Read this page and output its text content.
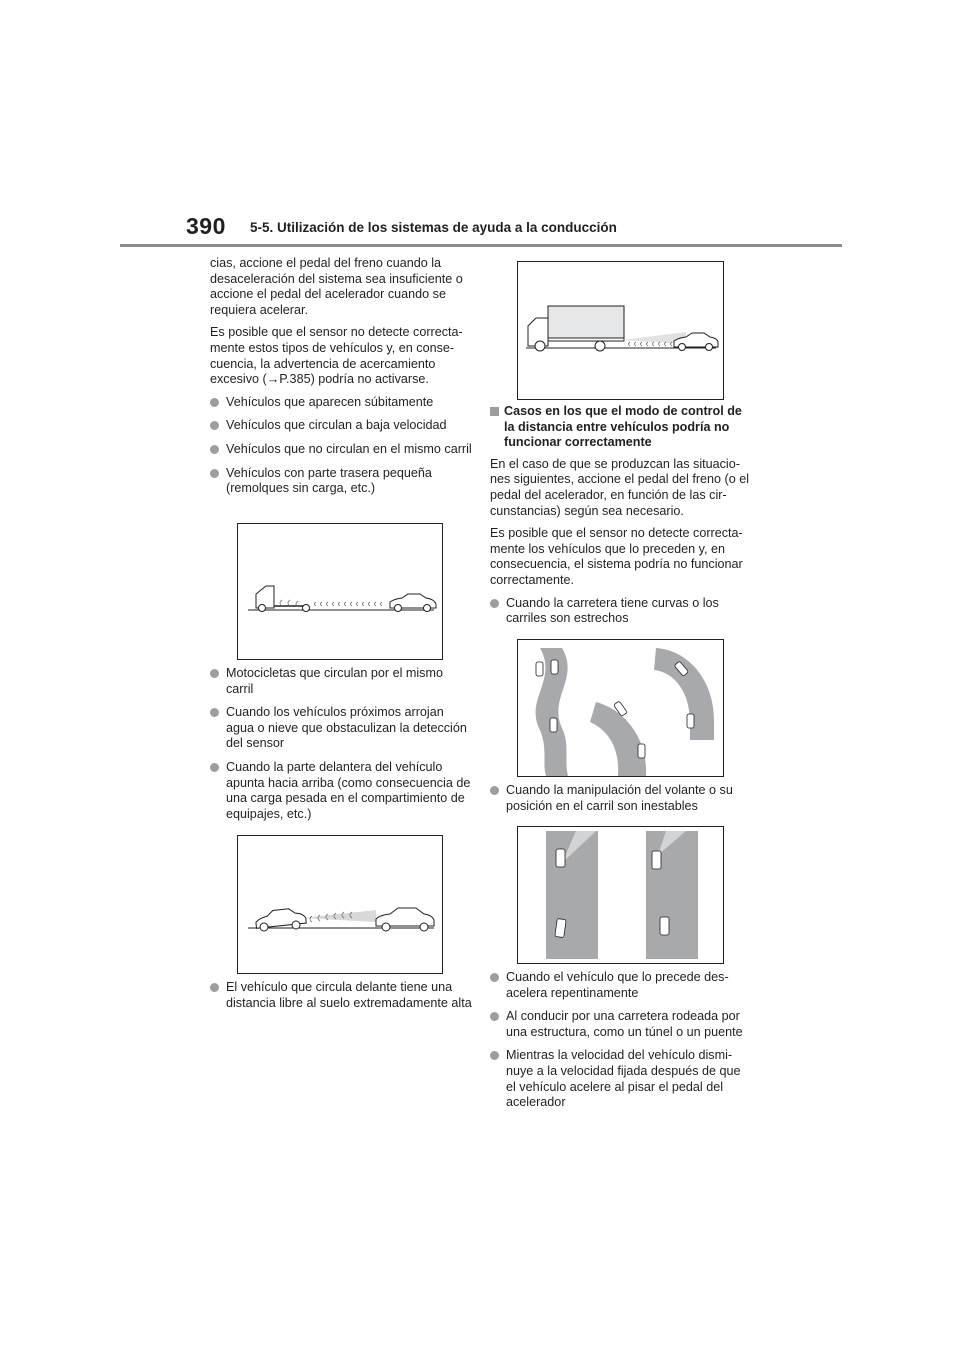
390 5-5. Utilización de los sistemas de ayuda a la conducción

cias, accione el pedal del freno cuando la desaceleración del sistema sea insuficiente o accione el pedal del acelerador cuando se requiera acelerar.

Es posible que el sensor no detecte correcta-mente estos tipos de vehículos y, en conse-cuencia, la advertencia de acercamiento excesivo (→P.385) podría no activarse.

Vehículos que aparecen súbitamente
Vehículos que circulan a baja velocidad
Vehículos que no circulan en el mismo carril
Vehículos con parte trasera pequeña (remolques sin carga, etc.)
Motocicletas que circulan por el mismo carril
Cuando los vehículos próximos arrojan agua o nieve que obstaculizan la detección del sensor
Cuando la parte delantera del vehículo apunta hacia arriba (como consecuencia de una carga pesada en el compartimiento de equipajes, etc.)
El vehículo que circula delante tiene una distancia libre al suelo extremadamente alta
Casos en los que el modo de control de la distancia entre vehículos podría no funcionar correctamente

En el caso de que se produzcan las situacio-nes siguientes, accione el pedal del freno (o el pedal del acelerador, en función de las cir-cunstancias) según sea necesario.

Es posible que el sensor no detecte correcta-mente los vehículos que lo preceden y, en consecuencia, el sistema podría no funcionar correctamente.

Cuando la carretera tiene curvas o los carriles son estrechos
Cuando la manipulación del volante o su posición en el carril son inestables
Cuando el vehículo que lo precede des-acelera repentinamente
Al conducir por una carretera rodeada por una estructura, como un túnel o un puente
Mientras la velocidad del vehículo dismi-nuye a la velocidad fijada después de que el vehículo acelere al pisar el pedal del acelerador
